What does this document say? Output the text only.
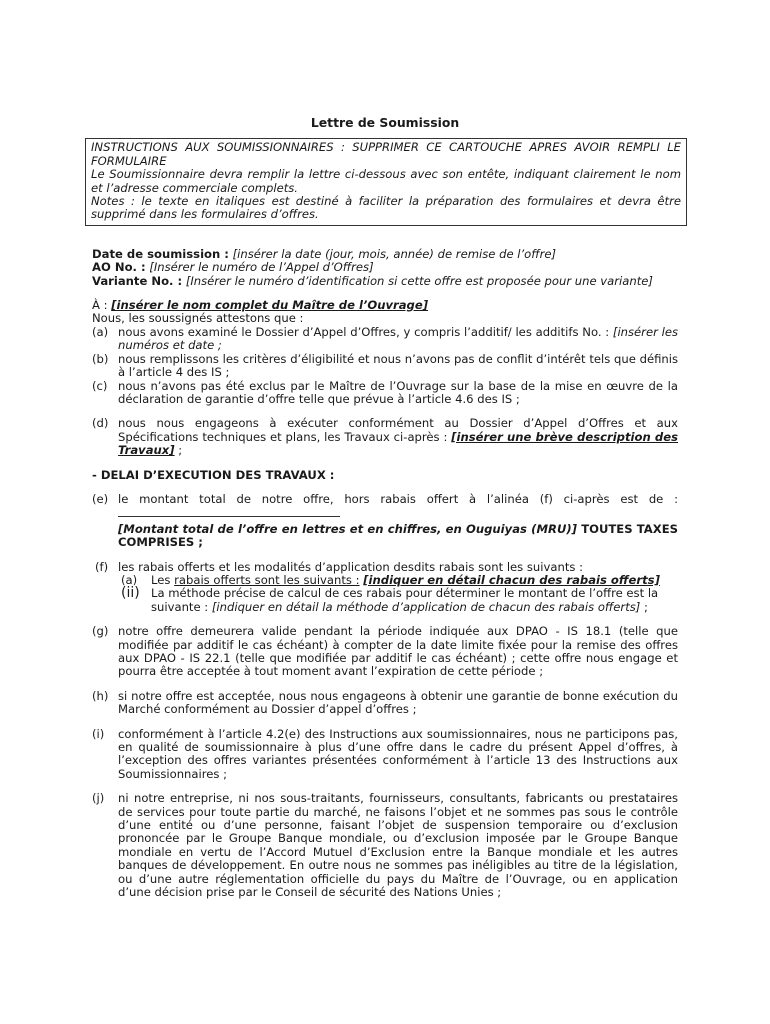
Lettre de Soumission

INSTRUCTIONS AUX SOUMISSIONNAIRES : SUPPRIMER CE CARTOUCHE APRES AVOIR REMPLI LE FORMULAIRE

Le Soumissionnaire devra remplir la lettre ci-dessous avec son entête, indiquant clairement le nom et l’adresse commerciale complets.

Notes : le texte en italiques est destiné à faciliter la préparation des formulaires et devra être supprimé dans les formulaires d’offres.

Date de soumission : [insérer la date (jour, mois, année) de remise de l’offre]

AO No. : [Insérer le numéro de l’Appel d’Offres]

Variante No. : [Insérer le numéro d’identification si cette offre est proposée pour une variante]

À : [insérer le nom complet du Maître de l’Ouvrage]

Nous, les soussignés attestons que :

(a) nous avons examiné le Dossier d’Appel d’Offres, y compris l’additif/ les additifs No. : [insérer les numéros et date ;
(b) nous remplissons les critères d’éligibilité et nous n’avons pas de conflit d’intérêt tels que définis à l’article 4 des IS ;
(c) nous n’avons pas été exclus par le Maître de l’Ouvrage sur la base de la mise en œuvre de la déclaration de garantie d’offre telle que prévue à l’article 4.6 des IS ;
(d) nous nous engageons à exécuter conformément au Dossier d’Appel d’Offres et aux Spécifications techniques et plans, les Travaux ci-après : [insérer une brève description des Travaux] ;

- DELAI D’EXECUTION DES TRAVAUX :

(e) le montant total de notre offre, hors rabais offert à l’alinéa (f) ci-après est de :
[Montant total de l’offre en lettres et en chiffres, en Ouguiyas (MRU)] TOUTES TAXES COMPRISES ;
(f) les rabais offerts et les modalités d’application desdits rabais sont les suivants :
(a)	Les rabais offerts sont les suivants : [indiquer en détail chacun des rabais offerts]
(ii) La méthode précise de calcul de ces rabais pour déterminer le montant de l’offre est la suivante : [indiquer en détail la méthode d’application de chacun des rabais offerts] ;
(g) notre offre demeurera valide pendant la période indiquée aux DPAO - IS 18.1 (telle que modifiée par additif le cas échéant) à compter de la date limite fixée pour la remise des offres aux DPAO - IS 22.1 (telle que modifiée par additif le cas échéant) ; cette offre nous engage et pourra être acceptée à tout moment avant l’expiration de cette période ;
(h) si notre offre est acceptée, nous nous engageons à obtenir une garantie de bonne exécution du Marché conformément au Dossier d’appel d’offres ;
(i)	conformément à l’article 4.2(e) des Instructions aux soumissionnaires, nous ne participons pas, en qualité de soumissionnaire à plus d’une offre dans le cadre du présent Appel d’offres, à l’exception des offres variantes présentées conformément à l’article 13 des Instructions aux Soumissionnaires ;
(j)	ni notre entreprise, ni nos sous-traitants, fournisseurs, consultants, fabricants ou prestataires de services pour toute partie du marché, ne faisons l’objet et ne sommes pas sous le contrôle d’une entité ou d’une personne, faisant l’objet de suspension temporaire ou d’exclusion prononcée par le Groupe Banque mondiale, ou d’exclusion imposée par le Groupe Banque mondiale en vertu de l’Accord Mutuel d’Exclusion entre la Banque mondiale et les autres banques de développement. En outre nous ne sommes pas inéligibles au titre de la législation, ou d’une autre réglementation officielle du pays du Maître de l’Ouvrage, ou en application d’une décision prise par le Conseil de sécurité des Nations Unies ;
